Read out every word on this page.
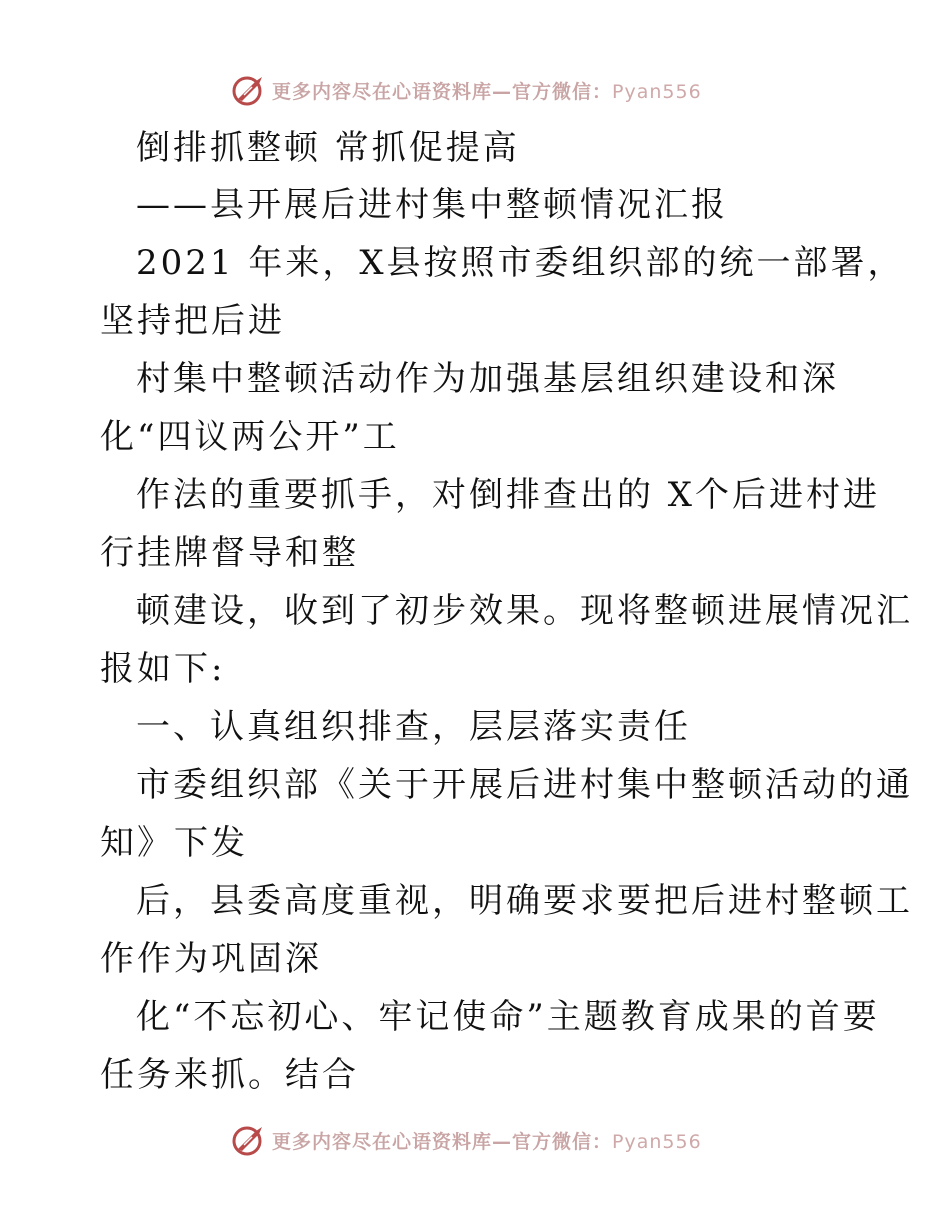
更多内容尽在心语资料库—官方微信：Pyan556
倒排抓整顿 常抓促提高
——县开展后进村集中整顿情况汇报
2021 年来，X县按照市委组织部的统一部署，
坚持把后进
村集中整顿活动作为加强基层组织建设和深
化“四议两公开”工
作法的重要抓手，对倒排查出的 X个后进村进
行挂牌督导和整
顿建设，收到了初步效果。现将整顿进展情况汇
报如下:
一、认真组织排查，层层落实责任
市委组织部《关于开展后进村集中整顿活动的通
知》下发
后，县委高度重视，明确要求要把后进村整顿工
作作为巩固深
化“不忘初心、牢记使命”主题教育成果的首要
任务来抓。结合
更多内容尽在心语资料库—官方微信：Pyan556
